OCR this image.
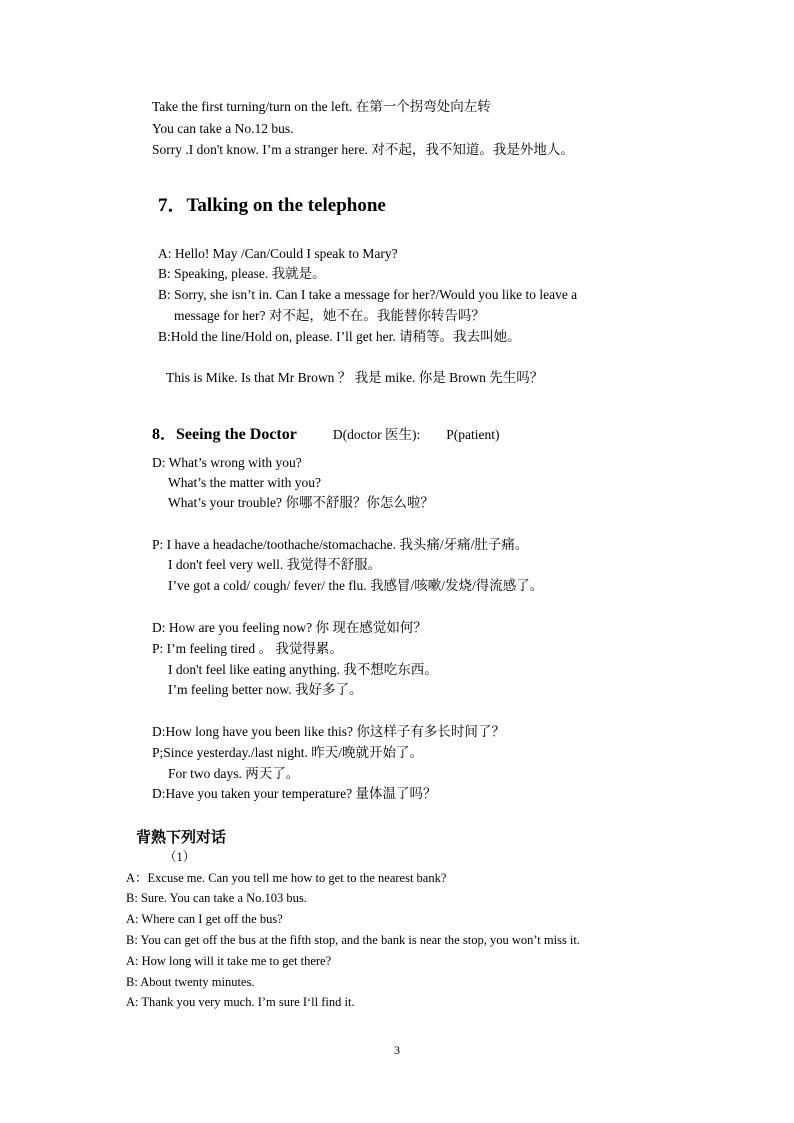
Take the first turning/turn on the left. 在第一个拐弯处向左转
You can take a No.12 bus.
Sorry .I don't know. I’m a stranger here. 对不起，我不知道。我是外地人。
7．Talking on the telephone
A: Hello! May /Can/Could I speak to Mary?
B: Speaking, please. 我就是。
B: Sorry, she isn’t in. Can I take a message for her?/Would you like to leave a
message for her? 对不起，她不在。我能替你转告吗？
B:Hold the line/Hold on, please. I’ll get her. 请稍等。我去叫她。
This is Mike. Is that Mr Brown ？ 我是 mike. 你是 Brown 先生吗？
8．Seeing the Doctor	D(doctor 医生): P(patient)
D: What’s wrong with you?
What’s the matter with you?
What’s your trouble? 你哪不舒服？你怎么啦？
P: I have a headache/toothache/stomachache. 我头痛/牙痛/肚子痛。
I don't feel very well. 我觉得不舒服。
I’ve got a cold/ cough/ fever/ the flu. 我感冒/咳嗽/发烧/得流感了。
D: How are you feeling now? 你 现在感觉如何？
P: I’m feeling tired 。 我觉得累。
I don't feel like eating anything. 我不想吃东西。
I’m feeling better now. 我好多了。
D:How long have you been like this? 你这样子有多长时间了？
P;Since yesterday./last night. 昨天/晚就开始了。
For two days. 两天了。
D:Have you taken your temperature? 量体温了吗？
背熟下列对话
（1）
A：Excuse me. Can you tell me how to get to the nearest bank?
B: Sure. You can take a No.103 bus.
A: Where can I get off the bus?
B: You can get off the bus at the fifth stop, and the bank is near the stop, you won’t miss it.
A: How long will it take me to get there?
B: About twenty minutes.
A: Thank you very much. I’m sure I‘ll find it.
3
